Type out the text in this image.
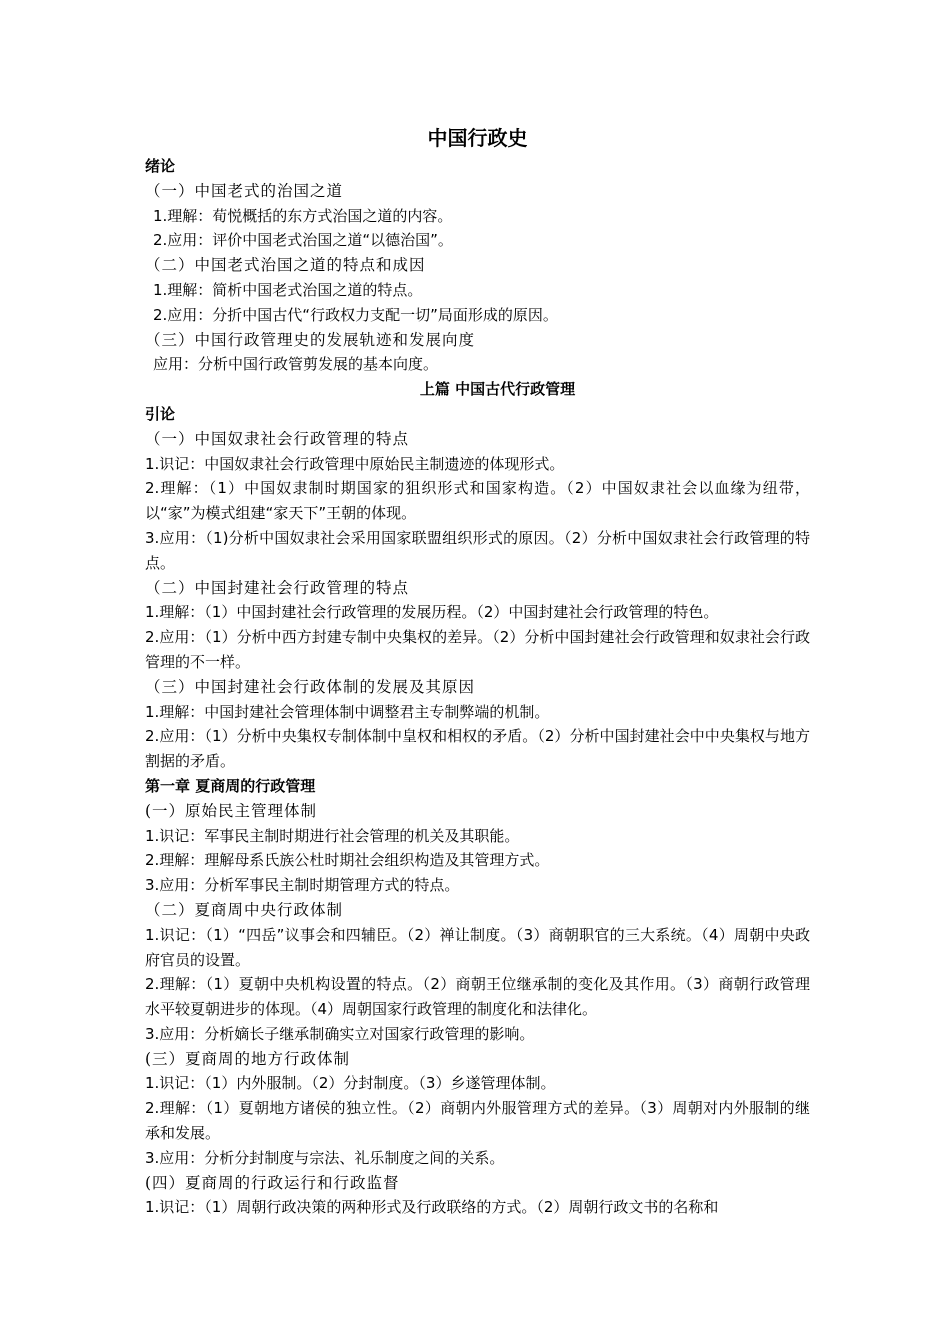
中国行政史
绪论
（一）中国老式的治国之道
1.理解：荀悦概括的东方式治国之道的内容。
2.应用：评价中国老式治国之道“以德治国”。
（二）中国老式治国之道的特点和成因
1.理解：简析中国老式治国之道的特点。
2.应用：分折中国古代“行政权力支配一切”局面形成的原因。
（三）中国行政管理史的发展轨迹和发展向度
应用：分析中国行政管剪发展的基本向度。
上篇 中国古代行政管理
引论
（一）中国奴隶社会行政管理的特点
1.识记：中国奴隶社会行政管理中原始民主制遗迹的体现形式。
2.理解：（1）中国奴隶制时期国家的狙织形式和国家构造。（2）中国奴隶社会以血缘为纽带，以“家”为模式组建“家天下”王朝的体现。
3.应用：（1)分析中国奴隶社会采用国家联盟组织形式的原因。（2）分析中国奴隶社会行政管理的特点。
（二）中国封建社会行政管理的特点
1.理解：（1）中国封建社会行政管理的发展历程。（2）中国封建社会行政管理的特色。
2.应用：（1）分析中西方封建专制中央集权的差异。（2）分析中国封建社会行政管理和奴隶社会行政管理的不一样。
（三）中国封建社会行政体制的发展及其原因
1.理解：中国封建社会管理体制中调整君主专制弊端的机制。
2.应用：（1）分析中央集权专制体制中皇权和相权的矛盾。（2）分析中国封建社会中中央集权与地方割据的矛盾。
第一章 夏商周的行政管理
(一）原始民主管理体制
1.识记：军事民主制时期进行社会管理的机关及其职能。
2.理解：理解母系氏族公杜时期社会组织构造及其管理方式。
3.应用：分析军事民主制时期管理方式的特点。
（二）夏商周中央行政体制
1.识记：（1）“四岳”议事会和四辅臣。（2）禅让制度。（3）商朝职官的三大系统。（4）周朝中央政府官员的设置。
2.理解：（1）夏朝中央机构设置的特点。（2）商朝王位继承制的变化及其作用。（3）商朝行政管理水平较夏朝进步的体现。（4）周朝国家行政管理的制度化和法律化。
3.应用：分析嫡长子继承制确实立对国家行政管理的影响。
(三）夏商周的地方行政体制
1.识记：（1）内外服制。（2）分封制度。（3）乡遂管理体制。
2.理解：（1）夏朝地方诸侯的独立性。（2）商朝内外服管理方式的差异。（3）周朝对内外服制的继承和发展。
3.应用：分析分封制度与宗法、礼乐制度之间的关系。
(四）夏商周的行政运行和行政监督
1.识记：（1）周朝行政决策的两种形式及行政联络的方式。（2）周朝行政文书的名称和
